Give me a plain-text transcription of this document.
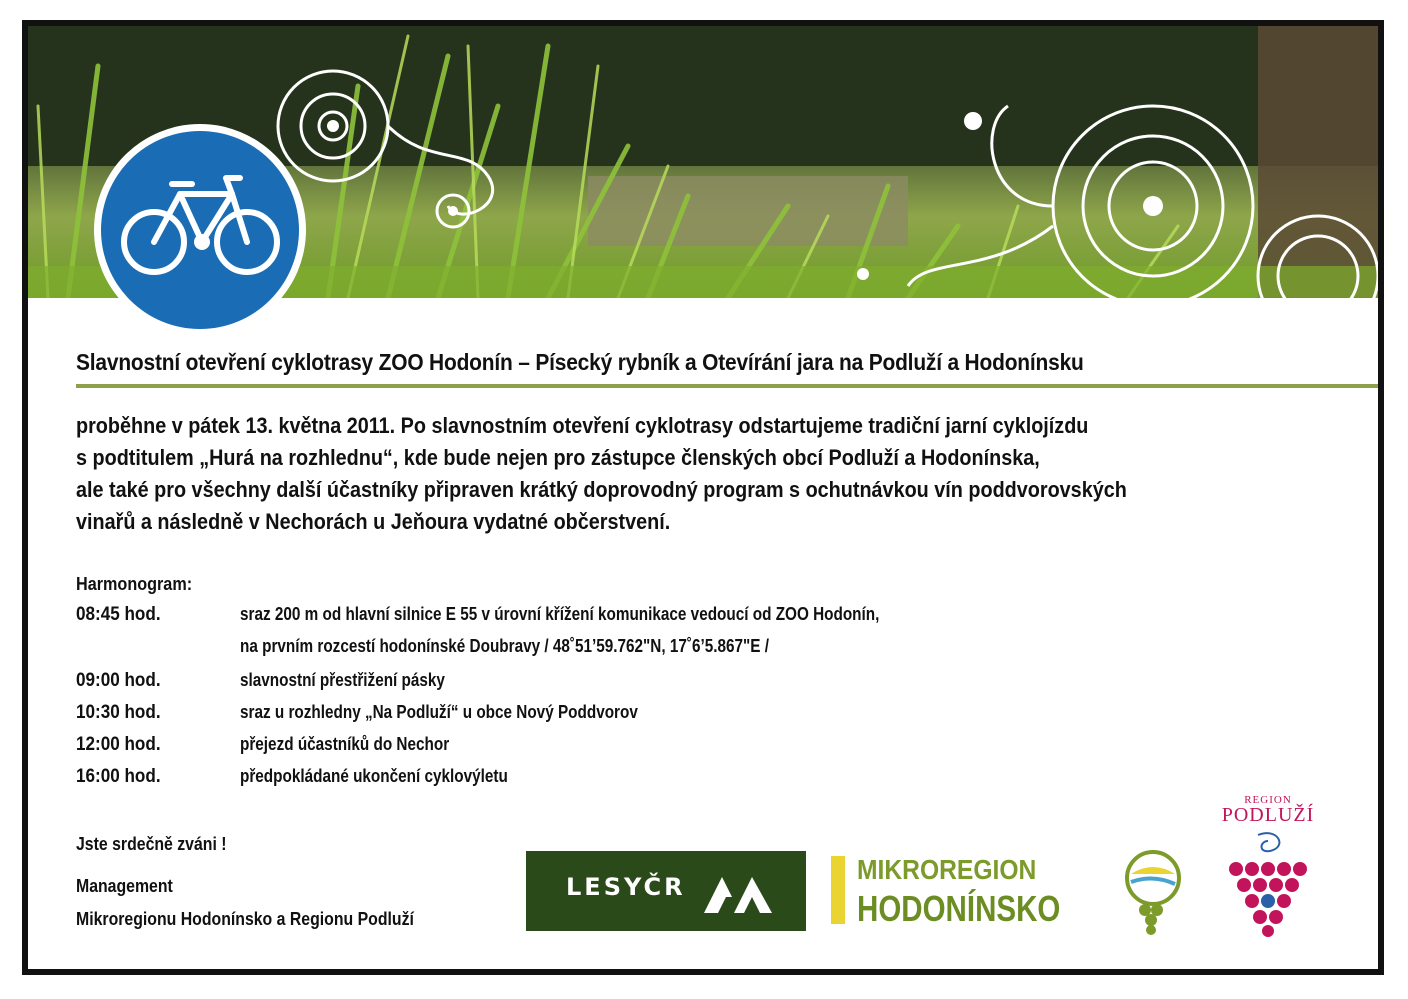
Slavnostní otevření cyklotrasy ZOO Hodonín – Písecký rybník a Otevírání jara na Podluží a Hodonínsku
proběhne v pátek 13. května 2011. Po slavnostním otevření cyklotrasy odstartujeme tradiční jarní cyklojízdu
s podtitulem „Hurá na rozhlednu“, kde bude nejen pro zástupce členských obcí Podluží a Hodonínska,
ale také pro všechny další účastníky připraven krátký doprovodný program s ochutnávkou vín poddvorovských
vinařů a následně v Nechorách u Jeňoura vydatné občerstvení.
Harmonogram:
08:45 hod.	sraz 200 m od hlavní silnice E 55 v úrovní křížení komunikace vedoucí od ZOO Hodonín,
na prvním rozcestí hodonínské Doubravy / 48˚51’59.762"N, 17˚6’5.867"E /
09:00 hod.	slavnostní přestřižení pásky
10:30 hod.	sraz u rozhledny „Na Podluží“ u obce Nový Poddvorov
12:00 hod.	přejezd účastníků do Nechor
16:00 hod.	předpokládané ukončení cyklovýletu
Jste srdečně zváni !
Management
Mikroregionu Hodonínsko a Regionu Podluží
LESYČR
MIKROREGION
HODONÍNSKO
REGION
PODLUŽÍ
